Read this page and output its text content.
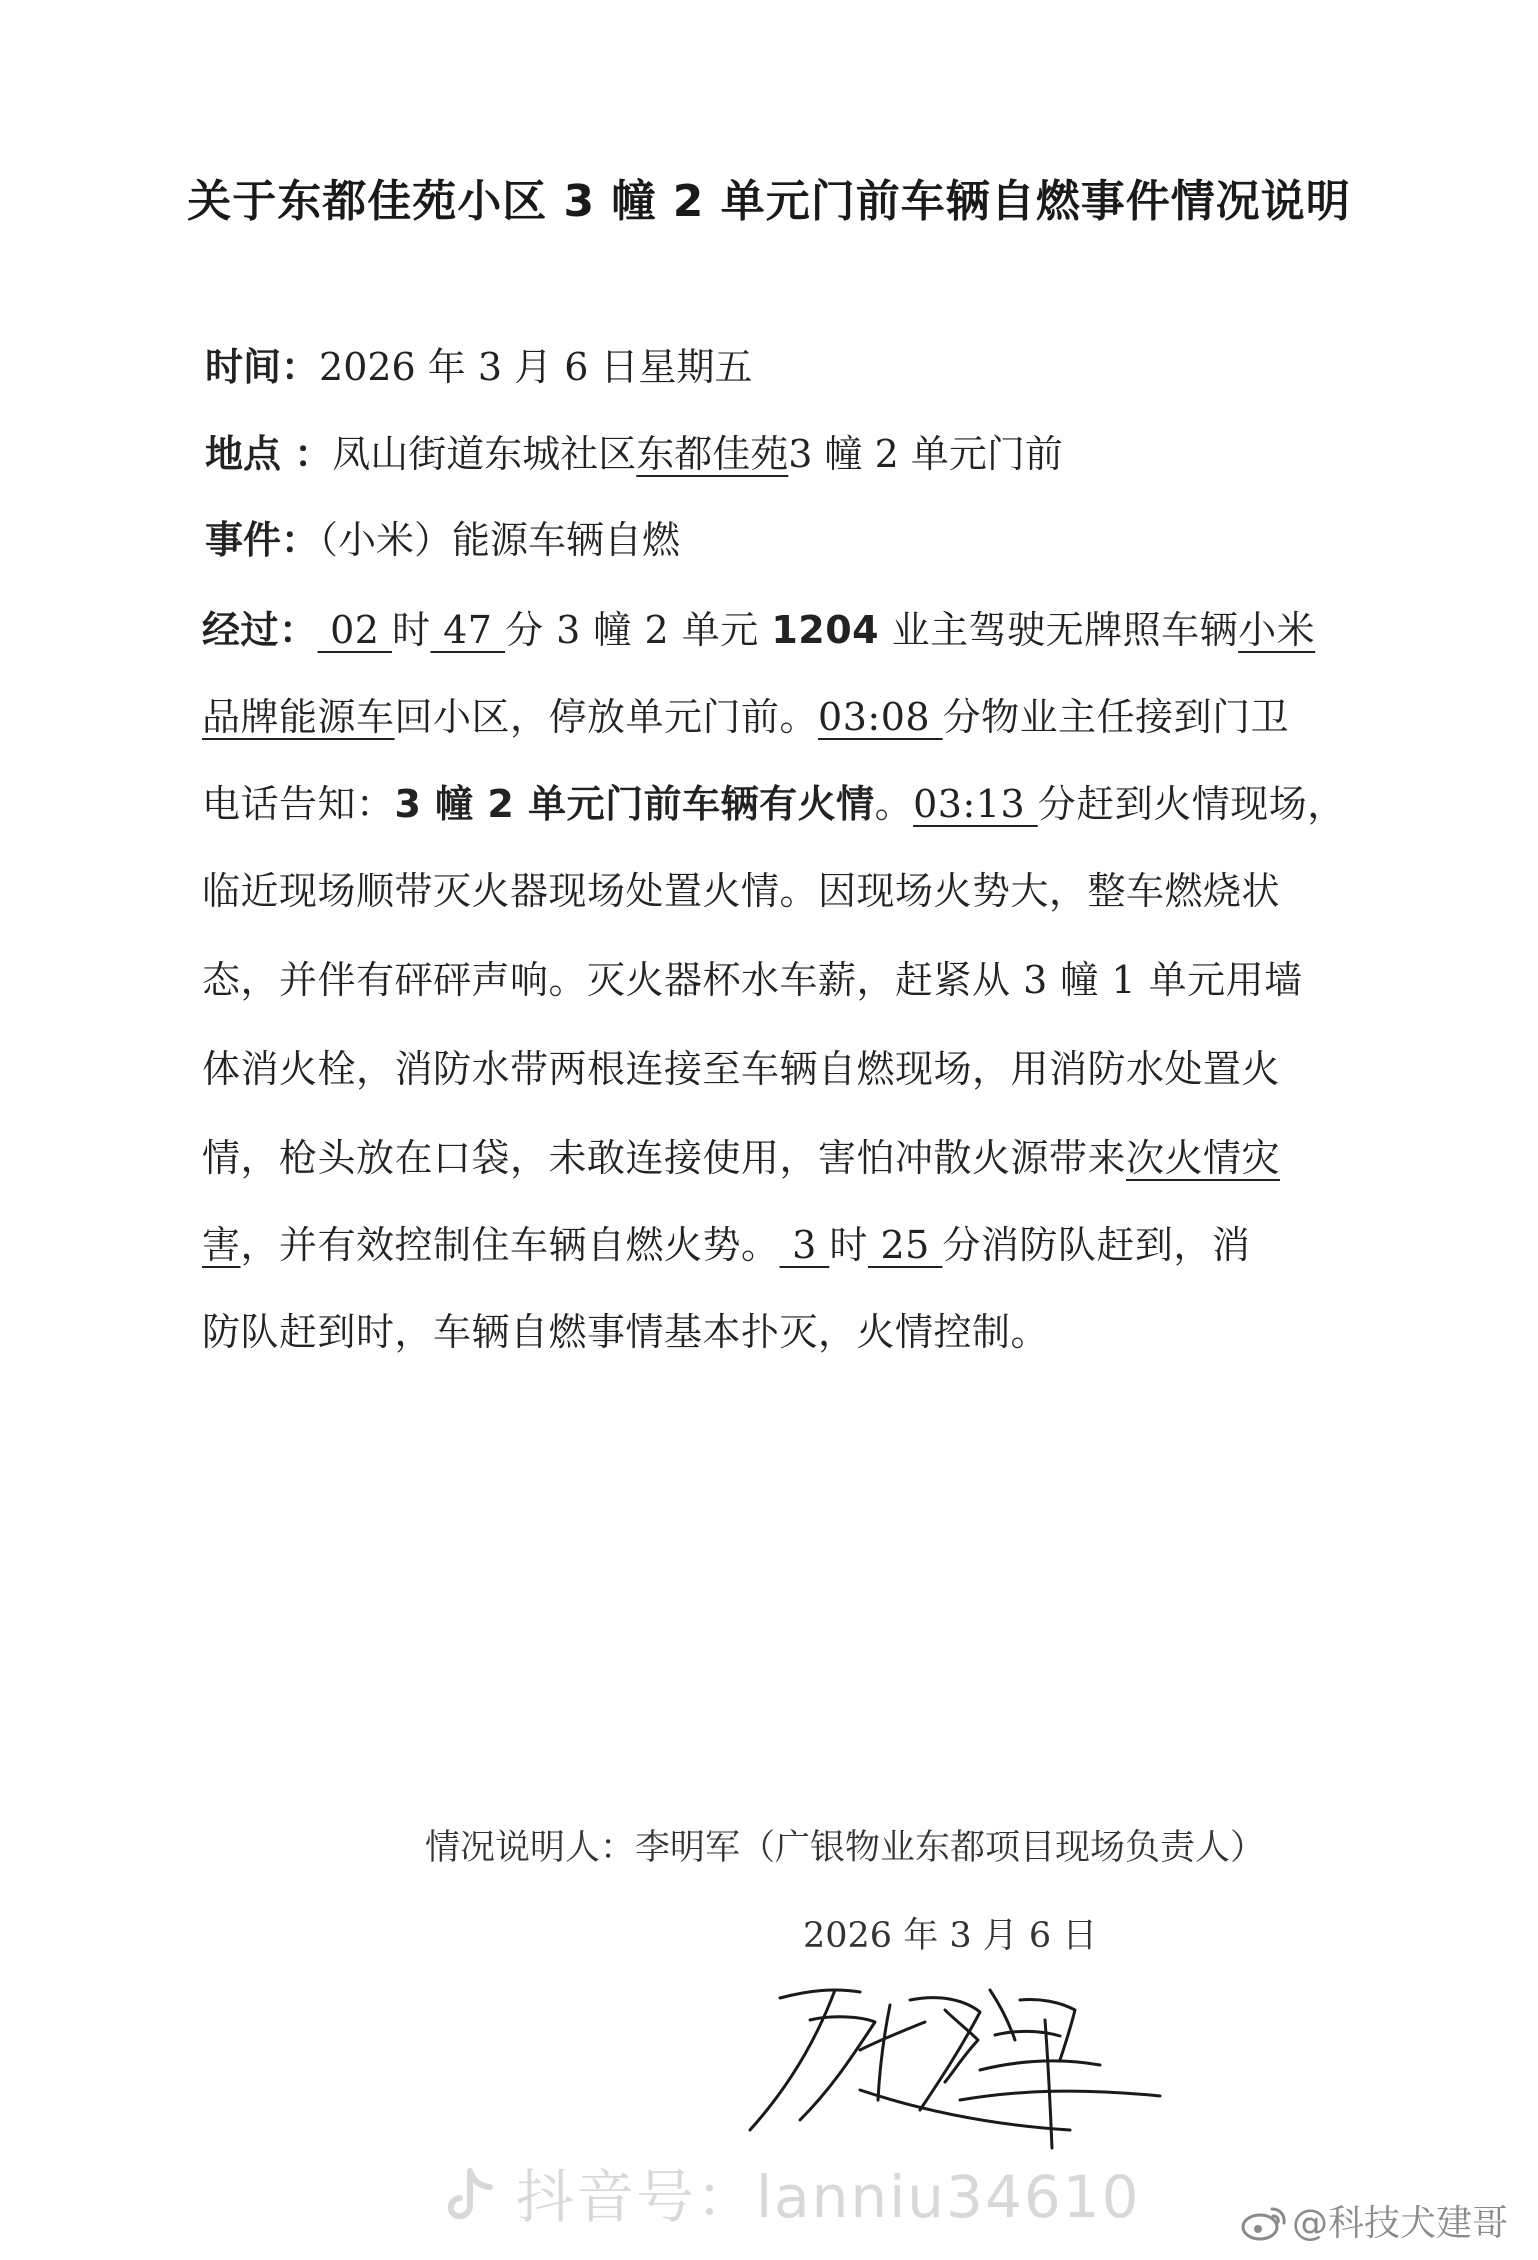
关于东都佳苑小区 3 幢 2 单元门前车辆自燃事件情况说明
时间：2026 年 3 月 6 日星期五
地点 ：凤山街道东城社区东都佳苑3 幢 2 单元门前
事件：（小米）能源车辆自燃
经过： 02 时 47 分 3 幢 2 单元 1204 业主驾驶无牌照车辆小米
品牌能源车回小区，停放单元门前。03:08 分物业主任接到门卫
电话告知：3 幢 2 单元门前车辆有火情。03:13 分赶到火情现场，
临近现场顺带灭火器现场处置火情。因现场火势大，整车燃烧状
态，并伴有砰砰声响。灭火器杯水车薪，赶紧从 3 幢 1 单元用墙
体消火栓，消防水带两根连接至车辆自燃现场，用消防水处置火
情，枪头放在口袋，未敢连接使用，害怕冲散火源带来次火情灾
害，并有效控制住车辆自燃火势。 3 时 25 分消防队赶到，消
防队赶到时，车辆自燃事情基本扑灭，火情控制。
情况说明人：李明军（广银物业东都项目现场负责人）
2026 年 3 月 6 日
抖音号：lanniu34610	@科技犬建哥
